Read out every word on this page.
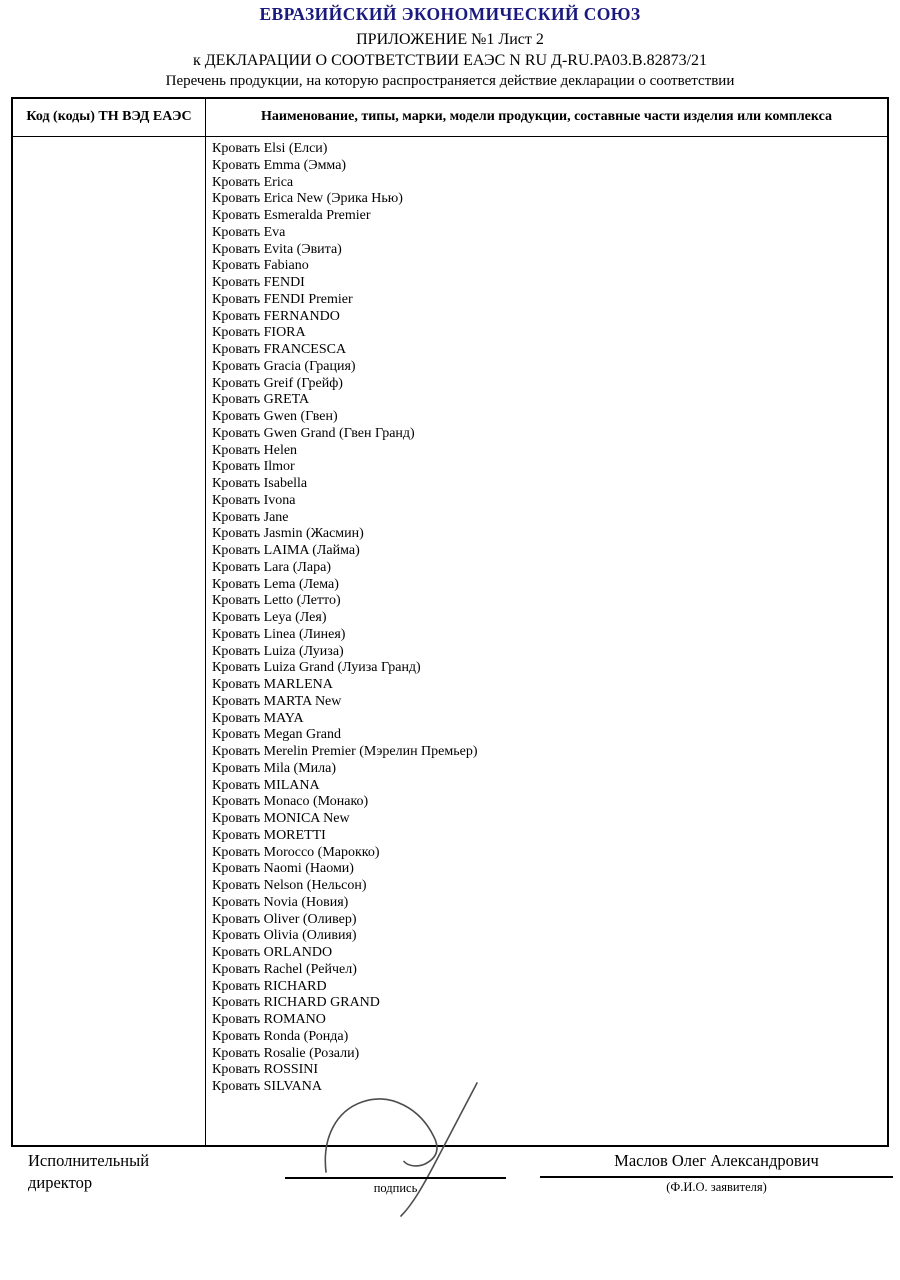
ЕВРАЗИЙСКИЙ ЭКОНОМИЧЕСКИЙ СОЮЗ
ПРИЛОЖЕНИЕ №1 Лист 2
к ДЕКЛАРАЦИИ О СООТВЕТСТВИИ ЕАЭС N RU Д-RU.РА03.В.82873/21
Перечень продукции, на которую распространяется действие декларации о соответствии
Код (коды) ТН ВЭД ЕАЭС	Наименование, типы, марки, модели продукции, составные части изделия или комплекса
Кровать Elsi (Елси)
Кровать Emma (Эмма)
Кровать Erica
Кровать Erica New (Эрика Нью)
Кровать Esmeralda Premier
Кровать Eva
Кровать Evita (Эвита)
Кровать Fabiano
Кровать FENDI
Кровать FENDI Premier
Кровать FERNANDO
Кровать FIORA
Кровать FRANCESCA
Кровать Gracia (Грация)
Кровать Greif (Грейф)
Кровать GRETA
Кровать Gwen (Гвен)
Кровать Gwen Grand (Гвен Гранд)
Кровать Helen
Кровать Ilmor
Кровать Isabella
Кровать Ivona
Кровать Jane
Кровать Jasmin (Жасмин)
Кровать LAIMA (Лайма)
Кровать Lara (Лара)
Кровать Lema (Лема)
Кровать Letto (Летто)
Кровать Leya (Лея)
Кровать Linea (Линея)
Кровать Luiza (Луиза)
Кровать Luiza Grand (Луиза Гранд)
Кровать MARLENA
Кровать MARTA New
Кровать MAYA
Кровать Megan Grand
Кровать Merelin Premier (Мэрелин Премьер)
Кровать Mila (Мила)
Кровать MILANA
Кровать Monaco (Монако)
Кровать MONICA New
Кровать MORETTI
Кровать Morocco (Марокко)
Кровать Naomi (Наоми)
Кровать Nelson (Нельсон)
Кровать Novia (Новия)
Кровать Oliver (Оливер)
Кровать Olivia (Оливия)
Кровать ORLANDO
Кровать Rachel (Рейчел)
Кровать RICHARD
Кровать RICHARD GRAND
Кровать ROMANO
Кровать Ronda (Ронда)
Кровать Rosalie (Розали)
Кровать ROSSINI
Кровать SILVANA
Исполнительный директор	подпись
Маслов Олег Александрович
(Ф.И.О. заявителя)
